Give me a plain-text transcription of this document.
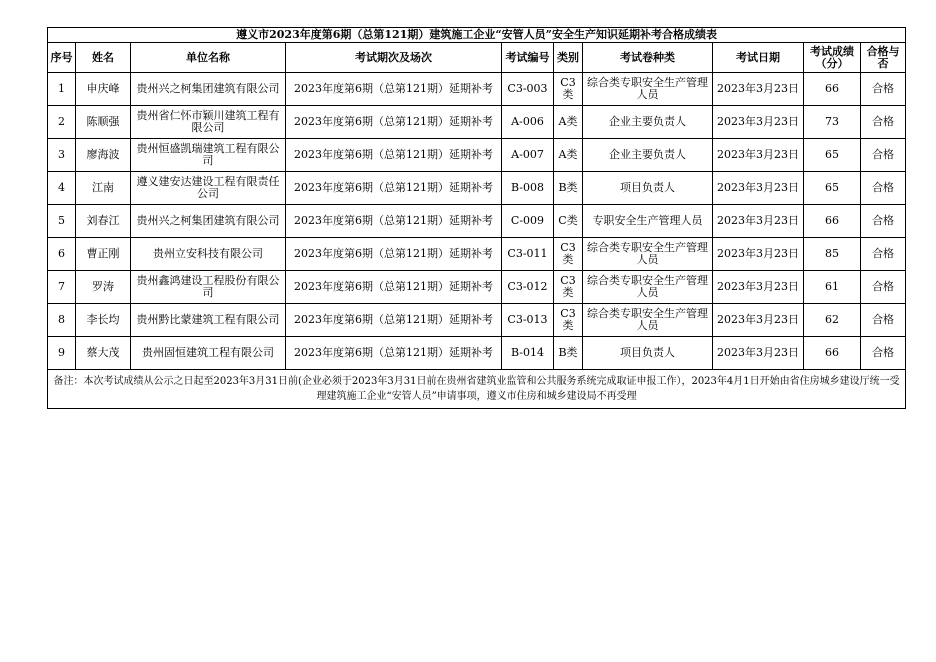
遵义市2023年度第6期（总第121期）建筑施工企业“安管人员”安全生产知识延期补考合格成绩表									
序号	姓名	单位名称	考试期次及场次	考试编号	类别	考试卷种类	考试日期	考试成绩（分）	合格与否
1	申庆峰	贵州兴之柯集团建筑有限公司	2023年度第6期（总第121期）延期补考	C3-003	C3类	综合类专职安全生产管理人员	2023年3月23日	66	合格
2	陈顺强	贵州省仁怀市颖川建筑工程有限公司	2023年度第6期（总第121期）延期补考	A-006	A类	企业主要负责人	2023年3月23日	73	合格
3	廖海波	贵州恒盛凯瑞建筑工程有限公司	2023年度第6期（总第121期）延期补考	A-007	A类	企业主要负责人	2023年3月23日	65	合格
4	江南	遵义建安达建设工程有限责任公司	2023年度第6期（总第121期）延期补考	B-008	B类	项目负责人	2023年3月23日	65	合格
5	刘春江	贵州兴之柯集团建筑有限公司	2023年度第6期（总第121期）延期补考	C-009	C类	专职安全生产管理人员	2023年3月23日	66	合格
6	曹正刚	贵州立安科技有限公司	2023年度第6期（总第121期）延期补考	C3-011	C3类	综合类专职安全生产管理人员	2023年3月23日	85	合格
7	罗涛	贵州鑫鸿建设工程股份有限公司	2023年度第6期（总第121期）延期补考	C3-012	C3类	综合类专职安全生产管理人员	2023年3月23日	61	合格
8	李长均	贵州黔比蒙建筑工程有限公司	2023年度第6期（总第121期）延期补考	C3-013	C3类	综合类专职安全生产管理人员	2023年3月23日	62	合格
9	蔡大茂	贵州固恒建筑工程有限公司	2023年度第6期（总第121期）延期补考	B-014	B类	项目负责人	2023年3月23日	66	合格
备注：本次考试成绩从公示之日起至2023年3月31日前(企业必须于2023年3月31日前在贵州省建筑业监管和公共服务系统完成取证申报工作），2023年4月1日开始由省住房城乡建设厅统一受理建筑施工企业“安管人员”申请事项，遵义市住房和城乡建设局不再受理									
